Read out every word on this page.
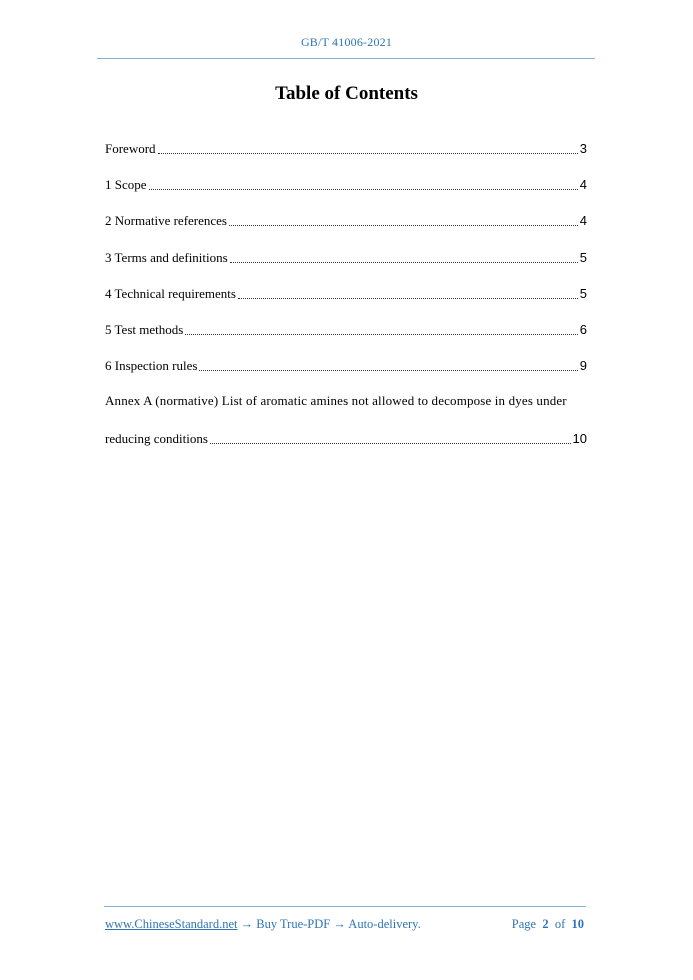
GB/T 41006-2021
Table of Contents
Foreword	3
1 Scope	4
2 Normative references	4
3 Terms and definitions	5
4 Technical requirements	5
5 Test methods	6
6 Inspection rules	9
Annex A (normative) List of aromatic amines not allowed to decompose in dyes under
reducing conditions	10
www.ChineseStandard.net → Buy True-PDF → Auto-delivery.	Page 2 of 10
